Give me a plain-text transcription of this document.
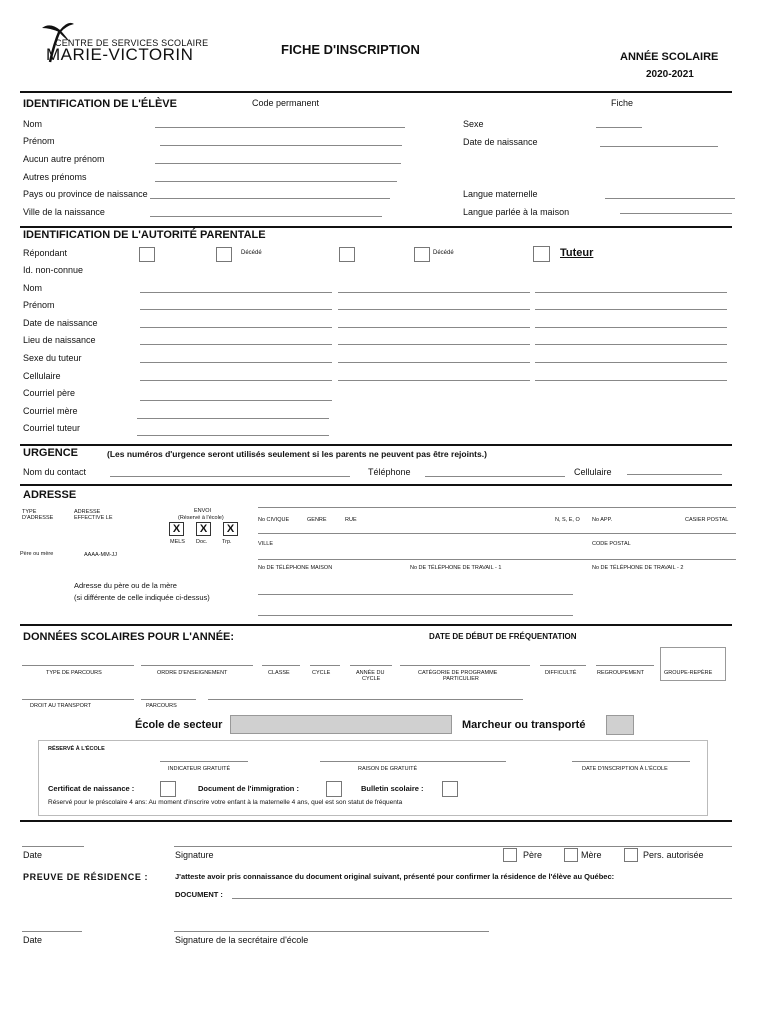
CENTRE DE SERVICES SCOLAIRE
MARIE-VICTORIN	FICHE D'INSCRIPTION	ANNÉE SCOLAIRE
2020-2021
IDENTIFICATION DE L'ÉLÈVE	Code permanent	Fiche
Nom	Sexe
Prénom	Date de naissance
Aucun autre prénom
Autres prénoms
Pays ou province de naissance	Langue maternelle
Ville de la naissance	Langue parlée à la maison
IDENTIFICATION DE L'AUTORITÉ PARENTALE
Répondant	Décédé	Décédé	Tuteur
Id. non-connue
Nom
Prénom
Date de naissance
Lieu de naissance
Sexe du tuteur
Cellulaire
Courriel père
Courriel mère
Courriel tuteur
URGENCE	(Les numéros d'urgence seront utilisés seulement si les parents ne peuvent pas être rejoints.)
Nom du contact	Téléphone	Cellulaire
ADRESSE
TYPE
D'ADRESSE
ADRESSE
EFFECTIVE LE
ENVOI
(Réservé à l'école)
X	X	X
MELS Doc.	Trp.
No CIVIQUE	GENRE	RUE	N, S, E, O No APP.	CASIER POSTAL
VILLE	CODE POSTAL
Père ou mère	AAAA-MM-JJ
No DE TÉLÉPHONE MAISON	No DE TÉLÉPHONE DE TRAVAIL - 1	No DE TÉLÉPHONE DE TRAVAIL - 2
Adresse du père ou de la mère
(si différente de celle indiquée ci-dessus)
DONNÉES SCOLAIRES POUR L'ANNÉE:	DATE DE DÉBUT DE FRÉQUENTATION
TYPE DE PARCOURS	ORDRE D'ENSEIGNEMENT	CLASSE	CYCLE	ANNÉE DU
CYCLE
CATÉGORIE DE PROGRAMME
PARTICULIER
DIFFICULTÉ	REGROUPEMENT	GROUPE-REPÈRE
DROIT AU TRANSPORT	PARCOURS
École de secteur	Marcheur ou transporté
RÉSERVÉ À L'ÉCOLE
INDICATEUR GRATUITÉ	RAISON DE GRATUITÉ	DATE D'INSCRIPTION À L'ÉCOLE
Certificat de naissance :	Document de l'immigration :	Bulletin scolaire :
Réservé pour le préscolaire 4 ans: Au moment d'inscrire votre enfant à la maternelle 4 ans, quel est son statut de fréquenta
Date	Signature	Père	Mère	Pers. autorisée
PREUVE DE RÉSIDENCE :	J'atteste avoir pris connaissance du document original suivant, présenté pour confirmer la résidence de l'élève au Québec:
DOCUMENT :
Date	Signature de la secrétaire d'école
